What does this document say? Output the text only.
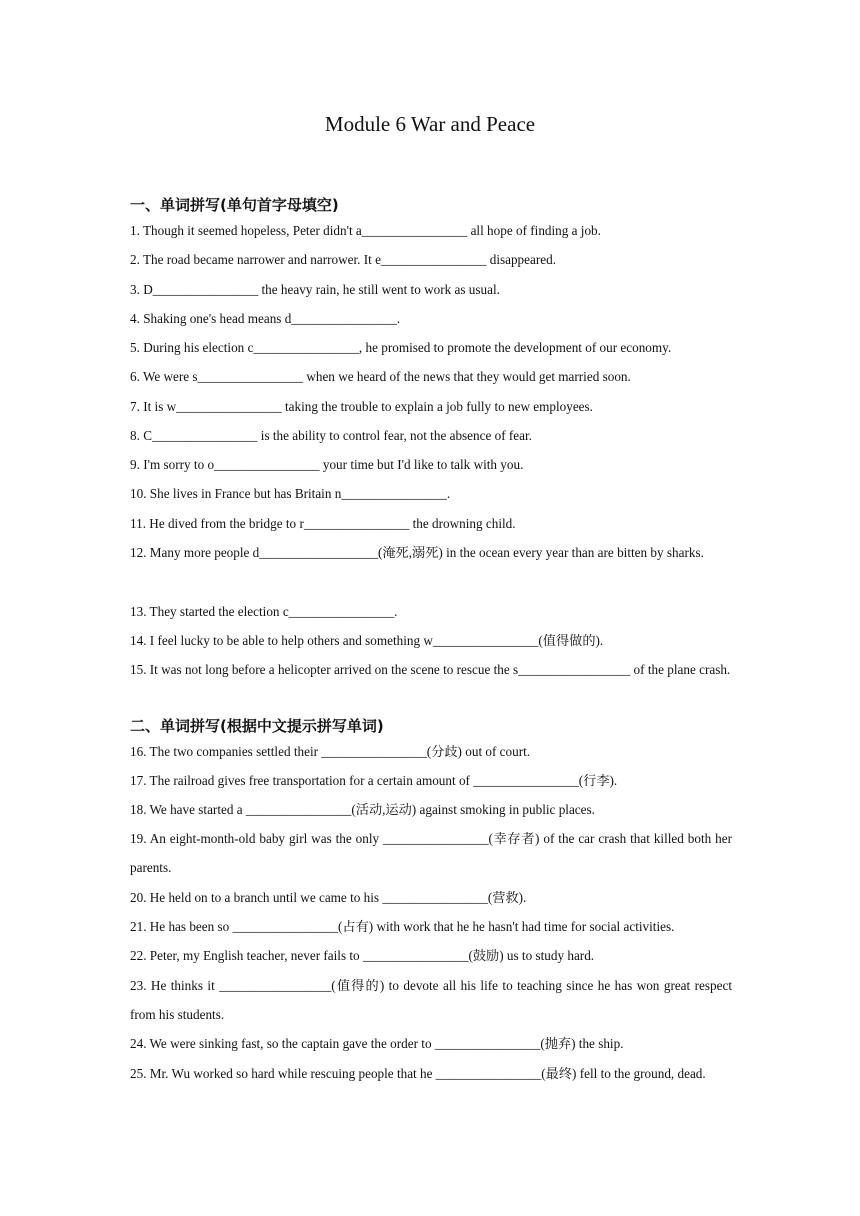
Module 6 War and Peace
一、单词拼写(单句首字母填空)
1. Though it seemed hopeless, Peter didn't a________________ all hope of finding a job.
2. The road became narrower and narrower. It e________________ disappeared.
3. D________________ the heavy rain, he still went to work as usual.
4. Shaking one's head means d________________.
5. During his election c________________, he promised to promote the development of our economy.
6. We were s________________ when we heard of the news that they would get married soon.
7. It is w________________ taking the trouble to explain a job fully to new employees.
8. C________________ is the ability to control fear, not the absence of fear.
9. I'm sorry to o________________ your time but I'd like to talk with you.
10. She lives in France but has Britain n________________.
11. He dived from the bridge to r________________ the drowning child.
12. Many more people d__________________(淹死,溺死) in the ocean every year than are bitten by sharks.
13. They started the election c________________.
14. I feel lucky to be able to help others and something w________________(值得做的).
15. It was not long before a helicopter arrived on the scene to rescue the s_________________ of the plane crash.
二、单词拼写(根据中文提示拼写单词)
16. The two companies settled their ________________(分歧) out of court.
17. The railroad gives free transportation for a certain amount of ________________(行李).
18. We have started a ________________(活动,运动) against smoking in public places.
19. An eight-month-old baby girl was the only ________________(幸存者) of the car crash that killed both her parents.
20. He held on to a branch until we came to his ________________(营救).
21. He has been so ________________(占有) with work that he he hasn't had time for social activities.
22. Peter, my English teacher, never fails to ________________(鼓励) us to study hard.
23. He thinks it _________________(值得的) to devote all his life to teaching since he has won great respect from his students.
24. We were sinking fast, so the captain gave the order to ________________(抛弃) the ship.
25. Mr. Wu worked so hard while rescuing people that he ________________(最终) fell to the ground, dead.
